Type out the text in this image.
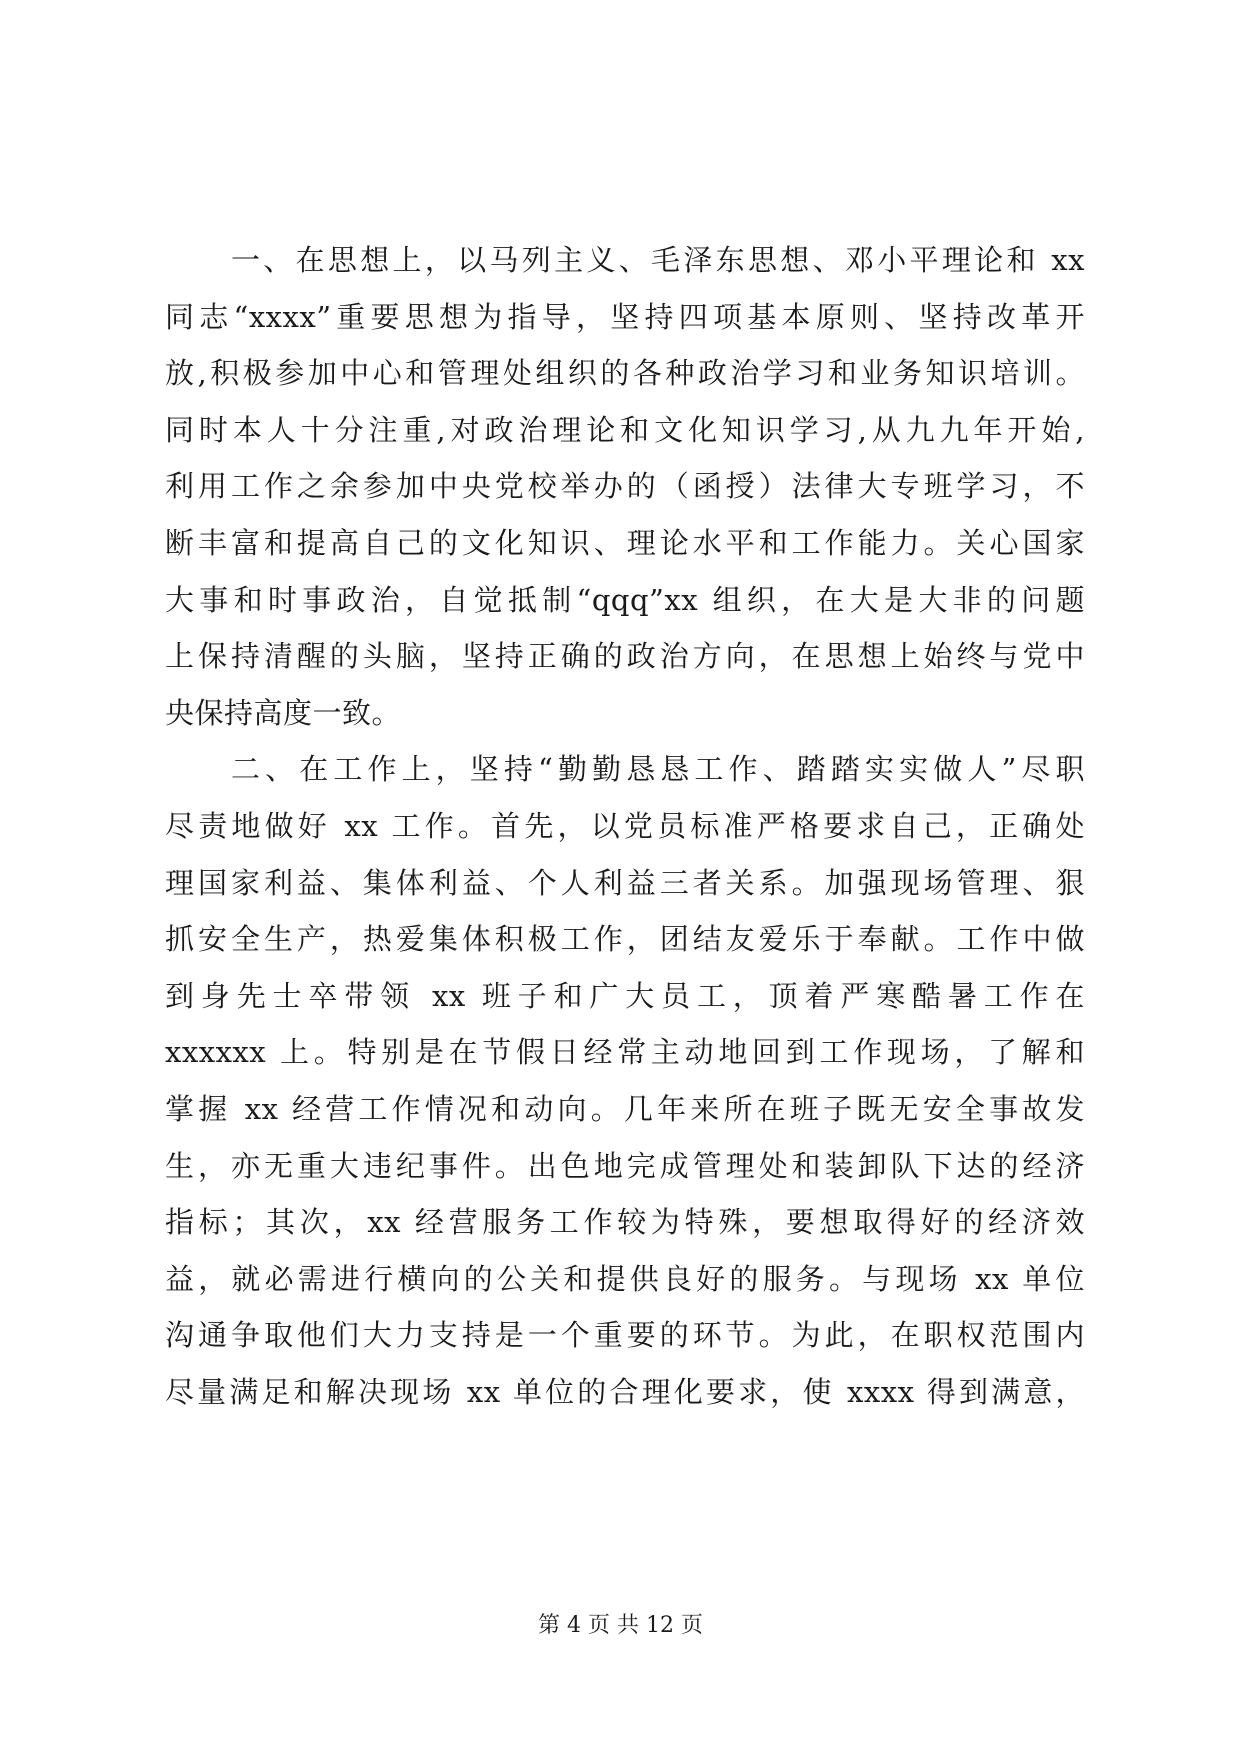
一、在思想上，以马列主义、毛泽东思想、邓小平理论和 xx
同志“xxxx”重要思想为指导，坚持四项基本原则、坚持改革开
放,积极参加中心和管理处组织的各种政治学习和业务知识培训。
同时本人十分注重,对政治理论和文化知识学习,从九九年开始,
利用工作之余参加中央党校举办的（函授）法律大专班学习，不
断丰富和提高自己的文化知识、理论水平和工作能力。关心国家
大事和时事政治，自觉抵制“qqq”xx 组织，在大是大非的问题
上保持清醒的头脑，坚持正确的政治方向，在思想上始终与党中
央保持高度一致。
二、在工作上，坚持“勤勤恳恳工作、踏踏实实做人”尽职
尽责地做好 xx 工作。首先，以党员标准严格要求自己，正确处
理国家利益、集体利益、个人利益三者关系。加强现场管理、狠
抓安全生产，热爱集体积极工作，团结友爱乐于奉献。工作中做
到身先士卒带领 xx 班子和广大员工，顶着严寒酷暑工作在
xxxxxx 上。特别是在节假日经常主动地回到工作现场，了解和
掌握 xx 经营工作情况和动向。几年来所在班子既无安全事故发
生，亦无重大违纪事件。出色地完成管理处和装卸队下达的经济
指标；其次，xx 经营服务工作较为特殊，要想取得好的经济效
益，就必需进行横向的公关和提供良好的服务。与现场 xx 单位
沟通争取他们大力支持是一个重要的环节。为此，在职权范围内
尽量满足和解决现场 xx 单位的合理化要求，使 xxxx 得到满意，
第 4 页 共 12 页
